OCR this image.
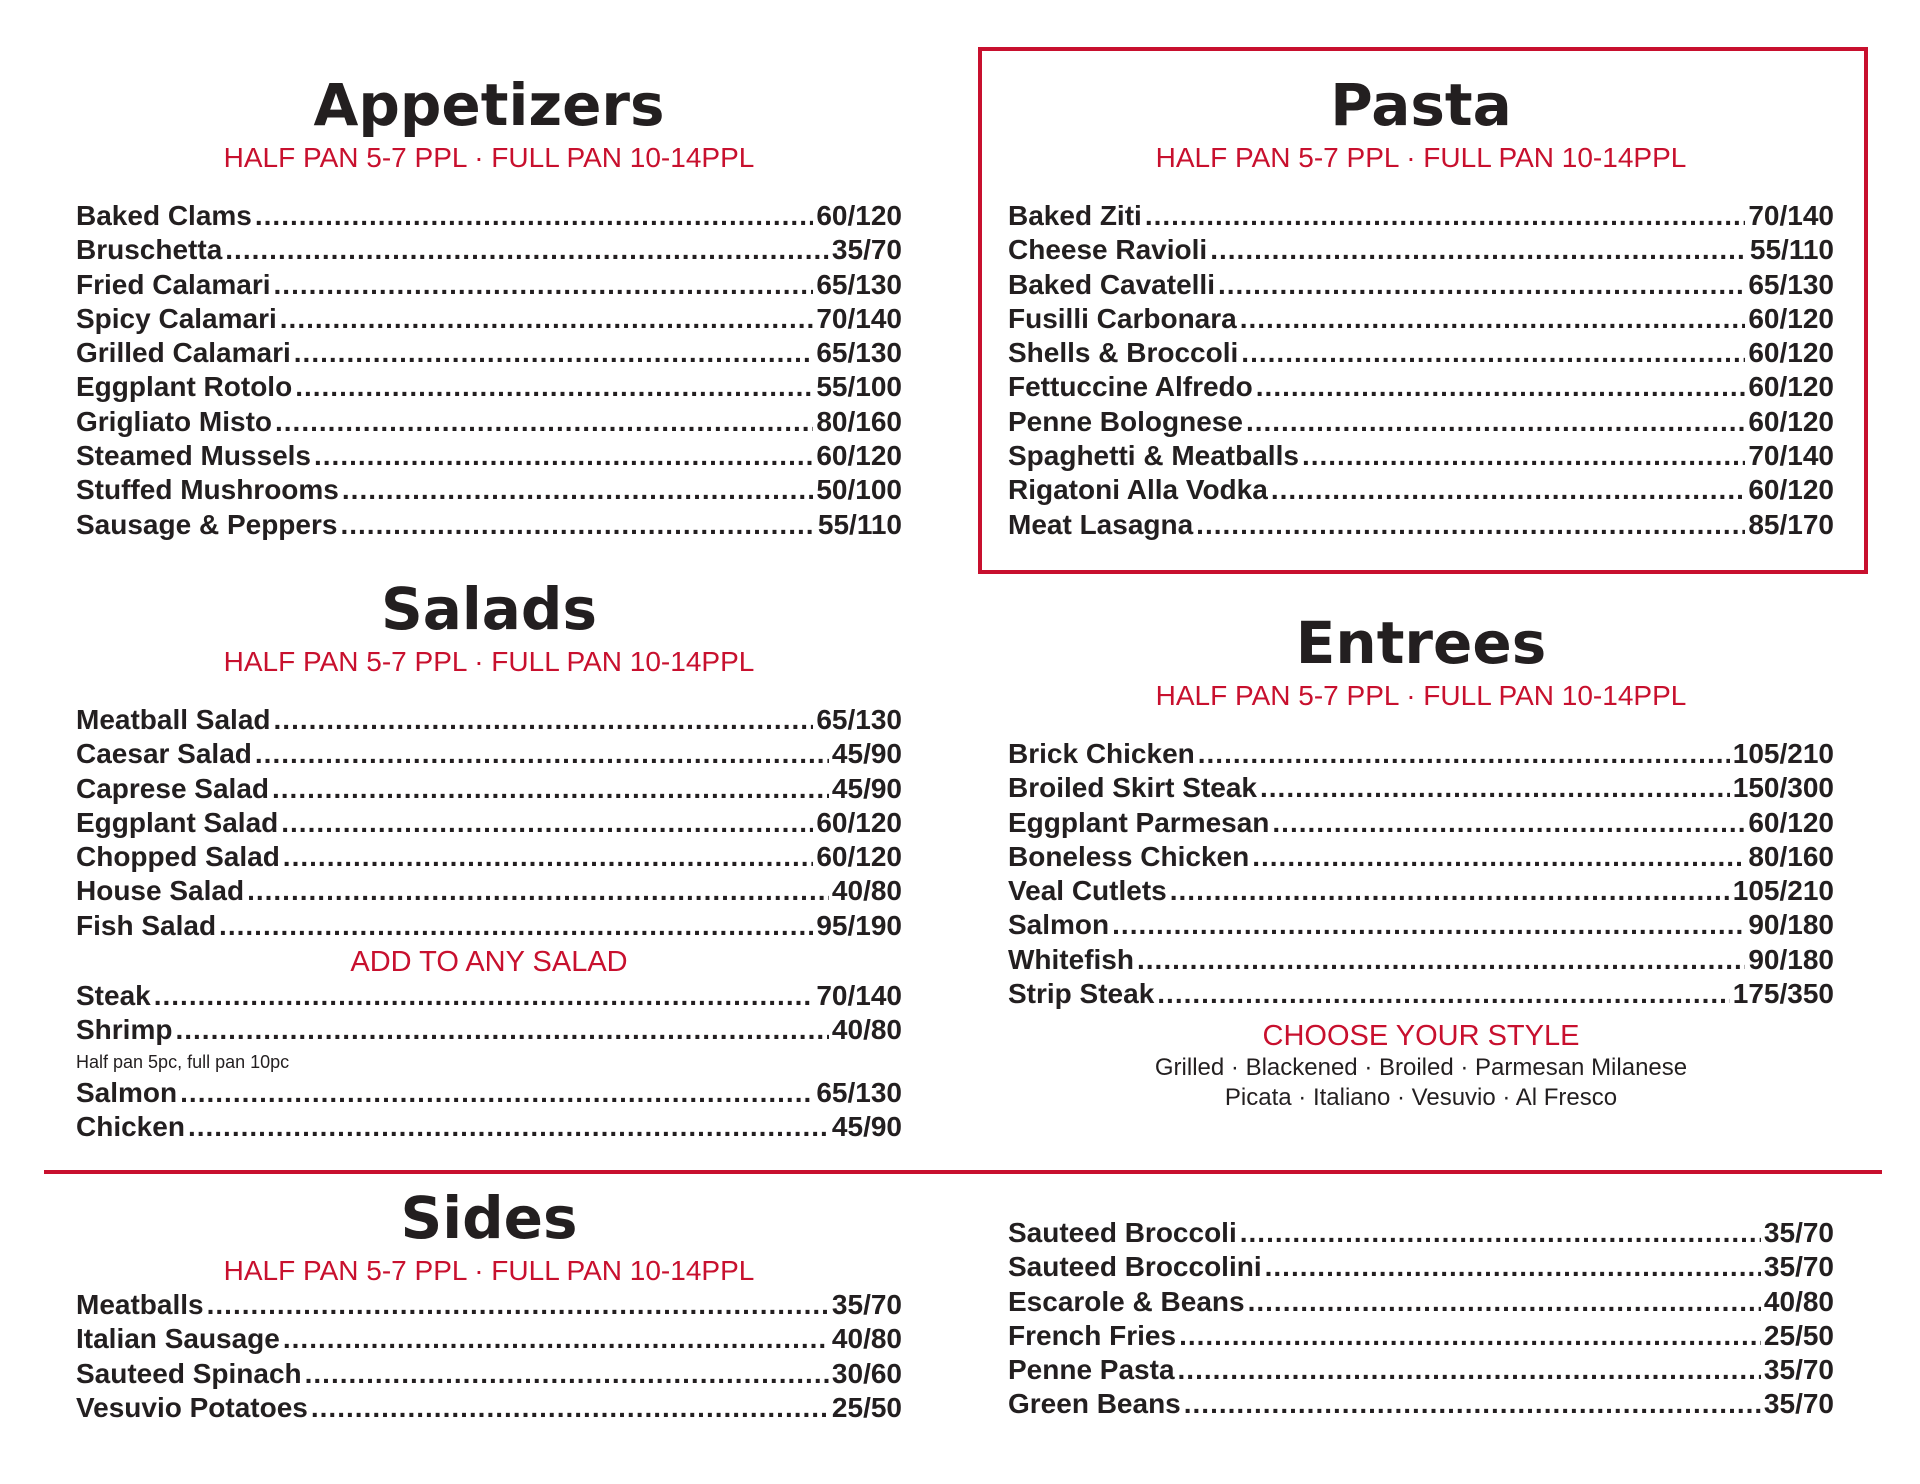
Appetizers

HALF PAN 5-7 PPL · FULL PAN 10-14PPL

Baked Clams .....	60/120
Bruschetta .....	35/70
Fried Calamari .....	65/130
Spicy Calamari .....	70/140
Grilled Calamari .....	65/130
Eggplant Rotolo .....	55/100
Grigliato Misto .....	80/160
Steamed Mussels .....	60/120
Stuffed Mushrooms .....	50/100
Sausage & Peppers .....	55/110
Pasta

HALF PAN 5-7 PPL · FULL PAN 10-14PPL

Baked Ziti .....	70/140
Cheese Ravioli .....	55/110
Baked Cavatelli .....	65/130
Fusilli Carbonara .....	60/120
Shells & Broccoli .....	60/120
Fettuccine Alfredo .....	60/120
Penne Bolognese .....	60/120
Spaghetti & Meatballs .....	70/140
Rigatoni Alla Vodka .....	60/120
Meat Lasagna .....	85/170
Salads

HALF PAN 5-7 PPL · FULL PAN 10-14PPL

Meatball Salad .....	65/130
Caesar Salad .....	45/90
Caprese Salad .....	45/90
Eggplant Salad .....	60/120
Chopped Salad .....	60/120
House Salad .....	40/80
Fish Salad .....	95/190
ADD TO ANY SALAD
Steak .....	70/140
Shrimp .....	40/80
Half pan 5pc, full pan 10pc
Salmon .....	65/130
Chicken .....	45/90
Entrees

HALF PAN 5-7 PPL · FULL PAN 10-14PPL

Brick Chicken .....	105/210
Broiled Skirt Steak .....	150/300
Eggplant Parmesan .....	60/120
Boneless Chicken .....	80/160
Veal Cutlets .....	105/210
Salmon .....	90/180
Whitefish .....	90/180
Strip Steak .....	175/350
CHOOSE YOUR STYLE
Grilled · Blackened · Broiled · Parmesan Milanese
Picata · Italiano · Vesuvio · Al Fresco
Sides

HALF PAN 5-7 PPL · FULL PAN 10-14PPL

Meatballs .....	35/70
Italian Sausage .....	40/80
Sauteed Spinach .....	30/60
Vesuvio Potatoes .....	25/50
Sauteed Broccoli .....	35/70
Sauteed Broccolini .....	35/70
Escarole & Beans .....	40/80
French Fries .....	25/50
Penne Pasta .....	35/70
Green Beans .....	35/70
